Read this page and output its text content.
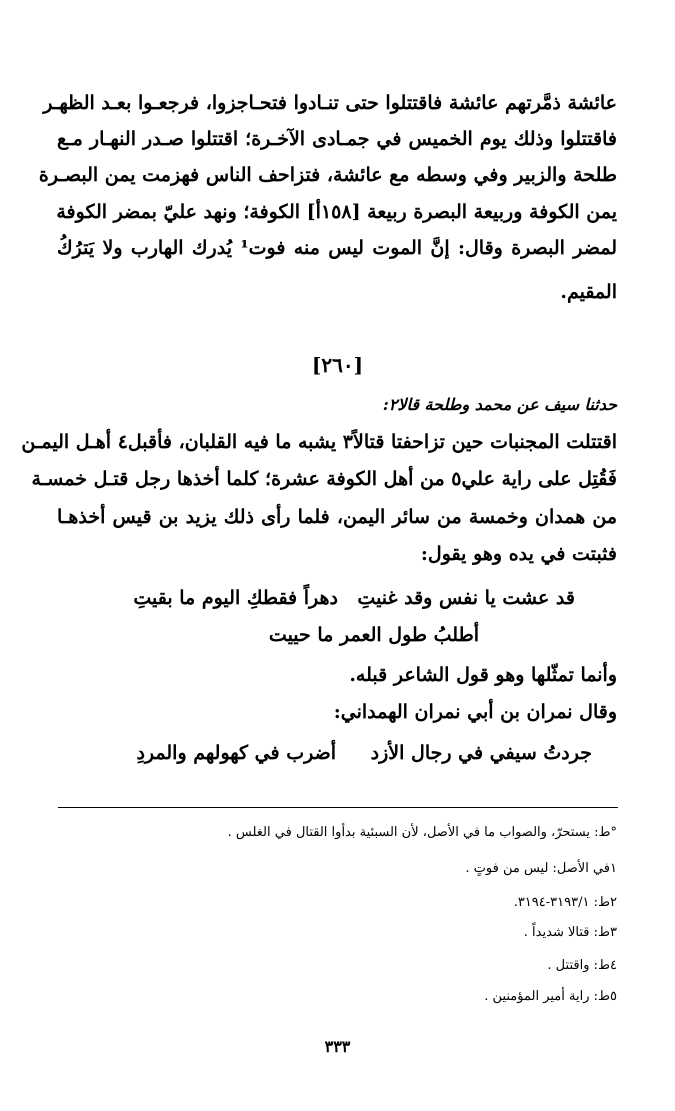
عائشة ذمَّرتهم عائشة فاقتتلوا حتى تنـادوا فتحـاجزوا، فرجعـوا بعـد الظهـر
فاقتتلوا وذلك يوم الخميس في جمـادى الآخـرة؛ اقتتلوا صـدر النهـار مـع
طلحة والزبير وفي وسطه مع عائشة، فتزاحف الناس فهزمت يمن البصـرة
يمن الكوفة وربيعة البصرة ربيعة [١٥٨أ] الكوفة؛ ونهد عليّ بمضر الكوفة
لمضر البصرة وقال: إنَّ الموت ليس منه فوت¹ يُدرك الهارب ولا يَترُكُ
المقيم.
[٢٦٠]
حدثنا سيف عن محمد وطلحة قالا٢:
اقتتلت المجنبات حين تزاحفتا قتالاً٣ يشبه ما فيه القلبان، فأقبل٤ أهـل اليمـن
فَقُتِل على راية علي٥ من أهل الكوفة عشرة؛ كلما أخذها رجل قتـل خمسـة
من همدان وخمسة من سائر اليمن، فلما رأى ذلك يزيد بن قيس أخذهـا
فثبتت في يده وهو يقول:
قد عشت يا نفس وقد غنيتِ
دهراً فقطكِ اليوم ما بقيتِ
أطلبُ طول العمر ما حييت
وأنما تمثّلها وهو قول الشاعر قبله.
وقال نمران بن أبي نمران الهمداني:
جردتُ سيفي في رجال الأزد
أضرب في كهولهم والمردِ
°ط: يستحرّ، والصواب ما في الأصل، لأن السبئية بدأوا القتال في الغلس .
١في الأصل: ليس من فوتٍ .
٢ط: ٣١٩٣/١-٣١٩٤.
٣ط: قتالا شديداً .
٤ط: واقتتل .
٥ط: راية أمير المؤمنين .
٣٣٣
